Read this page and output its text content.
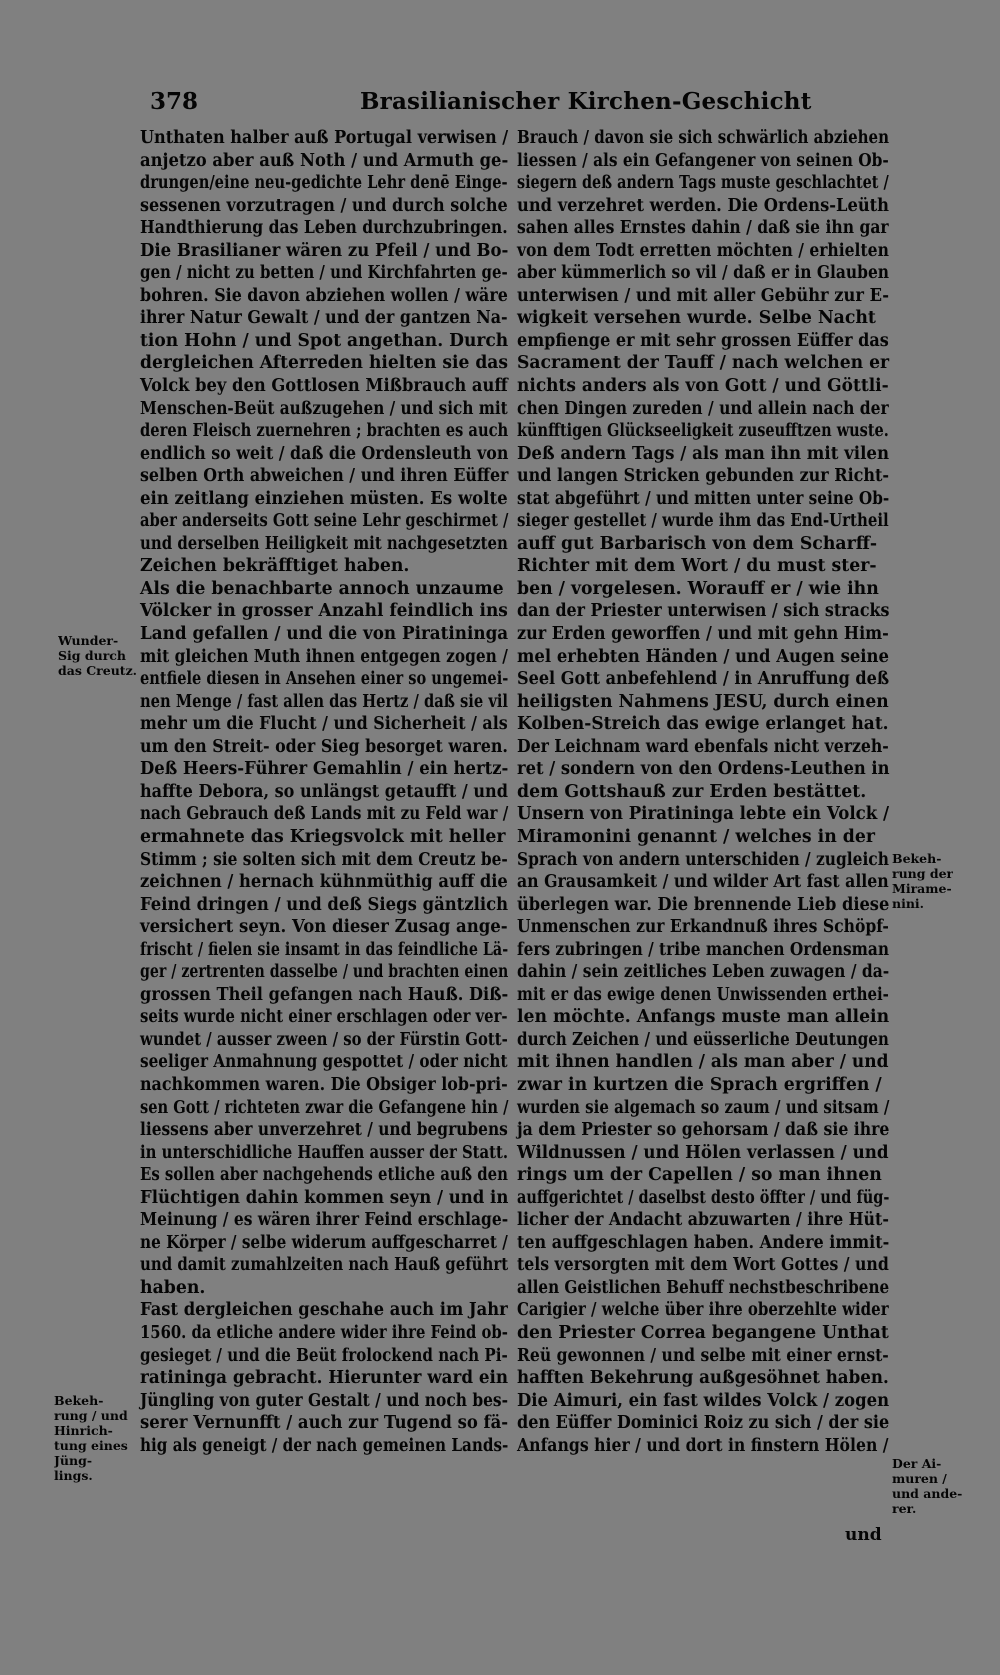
378	Brasilianischer Kirchen-Geschicht
Unthaten halber auß Portugal verwisen /
anjetzo aber auß Noth / und Armuth ge-
drungen/eine neu-gedichte Lehr denē Einge-
sessenen vorzutragen / und durch solche
Handthierung das Leben durchzubringen.
Die Brasilianer wären zu Pfeil / und Bo-
gen / nicht zu betten / und Kirchfahrten ge-
bohren. Sie davon abziehen wollen / wäre
ihrer Natur Gewalt / und der gantzen Na-
tion Hohn / und Spot angethan. Durch
dergleichen Afterreden hielten sie das
Volck bey den Gottlosen Mißbrauch auff
Menschen-Beüt außzugehen / und sich mit
deren Fleisch zuernehren ; brachten es auch
endlich so weit / daß die Ordensleuth von
selben Orth abweichen / und ihren Eüffer
ein zeitlang einziehen müsten. Es wolte
aber anderseits Gott seine Lehr geschirmet /
und derselben Heiligkeit mit nachgesetzten
Zeichen bekräfftiget haben.
Als die benachbarte annoch unzaume
Völcker in grosser Anzahl feindlich ins
Land gefallen / und die von Piratininga
mit gleichen Muth ihnen entgegen zogen /
entfiele diesen in Ansehen einer so ungemei-
nen Menge / fast allen das Hertz / daß sie vil
mehr um die Flucht / und Sicherheit / als
um den Streit- oder Sieg besorget waren.
Deß Heers-Führer Gemahlin / ein hertz-
haffte Debora, so unlängst getaufft / und
nach Gebrauch deß Lands mit zu Feld war /
ermahnete das Kriegsvolck mit heller
Stimm ; sie solten sich mit dem Creutz be-
zeichnen / hernach kühnmüthig auff die
Feind dringen / und deß Siegs gäntzlich
versichert seyn. Von dieser Zusag ange-
frischt / fielen sie insamt in das feindliche Lä-
ger / zertrenten dasselbe / und brachten einen
grossen Theil gefangen nach Hauß. Diß-
seits wurde nicht einer erschlagen oder ver-
wundet / ausser zween / so der Fürstin Gott-
seeliger Anmahnung gespottet / oder nicht
nachkommen waren. Die Obsiger lob-pri-
sen Gott / richteten zwar die Gefangene hin /
liessens aber unverzehret / und begrubens
in unterschidliche Hauffen ausser der Statt.
Es sollen aber nachgehends etliche auß den
Flüchtigen dahin kommen seyn / und in
Meinung / es wären ihrer Feind erschlage-
ne Körper / selbe widerum auffgescharret /
und damit zumahlzeiten nach Hauß geführt
haben.
Fast dergleichen geschahe auch im Jahr
1560. da etliche andere wider ihre Feind ob-
gesieget / und die Beüt frolockend nach Pi-
ratininga gebracht. Hierunter ward ein
Jüngling von guter Gestalt / und noch bes-
serer Vernunfft / auch zur Tugend so fä-
hig als geneigt / der nach gemeinen Lands-
Brauch / davon sie sich schwärlich abziehen
liessen / als ein Gefangener von seinen Ob-
siegern deß andern Tags muste geschlachtet /
und verzehret werden. Die Ordens-Leüth
sahen alles Ernstes dahin / daß sie ihn gar
von dem Todt erretten möchten / erhielten
aber kümmerlich so vil / daß er in Glauben
unterwisen / und mit aller Gebühr zur E-
wigkeit versehen wurde. Selbe Nacht
empfienge er mit sehr grossen Eüffer das
Sacrament der Tauff / nach welchen er
nichts anders als von Gott / und Göttli-
chen Dingen zureden / und allein nach der
künfftigen Glückseeligkeit zuseufftzen wuste.
Deß andern Tags / als man ihn mit vilen
und langen Stricken gebunden zur Richt-
stat abgeführt / und mitten unter seine Ob-
sieger gestellet / wurde ihm das End-Urtheil
auff gut Barbarisch von dem Scharff-
Richter mit dem Wort / du must ster-
ben / vorgelesen. Worauff er / wie ihn
dan der Priester unterwisen / sich stracks
zur Erden geworffen / und mit gehn Him-
mel erhebten Händen / und Augen seine
Seel Gott anbefehlend / in Anruffung deß
heiligsten Nahmens JESU, durch einen
Kolben-Streich das ewige erlanget hat.
Der Leichnam ward ebenfals nicht verzeh-
ret / sondern von den Ordens-Leuthen in
dem Gottshauß zur Erden bestättet.
Unsern von Piratininga lebte ein Volck /
Miramonini genannt / welches in der
Sprach von andern unterschiden / zugleich
an Grausamkeit / und wilder Art fast allen
überlegen war. Die brennende Lieb diese
Unmenschen zur Erkandnuß ihres Schöpf-
fers zubringen / tribe manchen Ordensman
dahin / sein zeitliches Leben zuwagen / da-
mit er das ewige denen Unwissenden erthei-
len möchte. Anfangs muste man allein
durch Zeichen / und eüsserliche Deutungen
mit ihnen handlen / als man aber / und
zwar in kurtzen die Sprach ergriffen /
wurden sie algemach so zaum / und sitsam /
ja dem Priester so gehorsam / daß sie ihre
Wildnussen / und Hölen verlassen / und
rings um der Capellen / so man ihnen
auffgerichtet / daselbst desto öffter / und füg-
licher der Andacht abzuwarten / ihre Hüt-
ten auffgeschlagen haben. Andere immit-
tels versorgten mit dem Wort Gottes / und
allen Geistlichen Behuff nechstbeschribene
Carigier / welche über ihre oberzehlte wider
den Priester Correa begangene Unthat
Reü gewonnen / und selbe mit einer ernst-
hafften Bekehrung außgesöhnet haben.
Die Aimuri, ein fast wildes Volck / zogen
den Eüffer Dominici Roiz zu sich / der sie
Anfangs hier / und dort in finstern Hölen /
Wunder-
Sig durch
das Creutz.
Bekeh-
rung / und
Hinrich-
tung eines
Jüng-
lings.
Bekeh-
rung der
Mirame-
nini.
Der Ai-
muren /
und ande-
rer.
und
